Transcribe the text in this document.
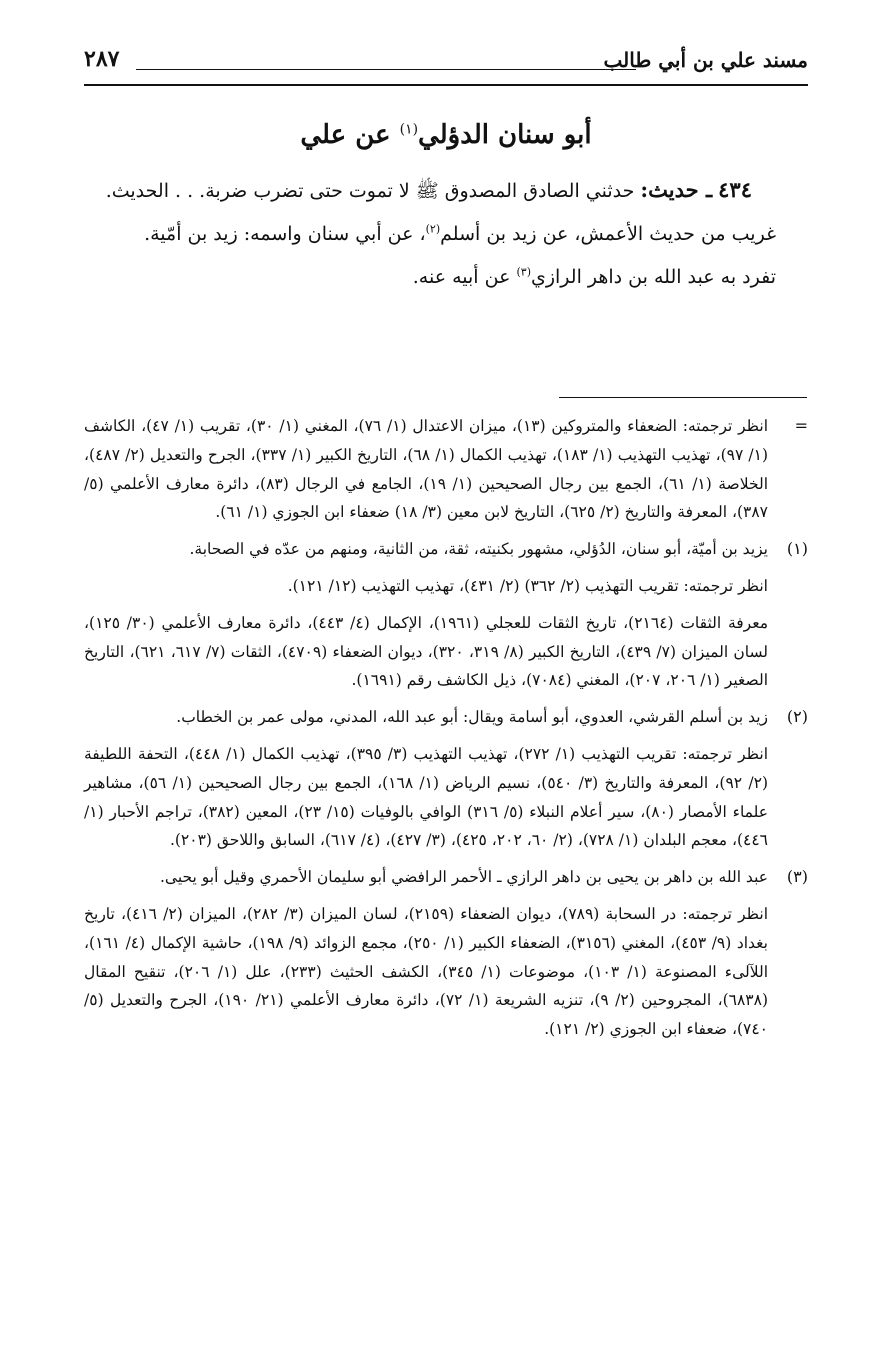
مسند علي بن أبي طالب
٢٨٧
أبو سنان الدؤلي$^{(١)}$ عن علي

٤٣٤ ـ حديث: حدثني الصادق المصدوق ﷺ لا تموت حتى تضرب ضربة. . . الحديث.

غريب من حديث الأعمش، عن زيد بن أسلم$^{(٢)}$، عن أبي سنان واسمه: زيد بن أمّية.

تفرد به عبد الله بن داهر الرازي$^{(٣)}$ عن أبيه عنه.

=

انظر ترجمته: الضعفاء والمتروكين (١٣)، ميزان الاعتدال (١/ ٧٦)، المغني (١/ ٣٠)، تقريب (١/ ٤٧)، الكاشف (١/ ٩٧)، تهذيب التهذيب (١/ ١٨٣)، تهذيب الكمال (١/ ٦٨)، التاريخ الكبير (١/ ٣٣٧)، الجرح والتعديل (٢/ ٤٨٧)، الخلاصة (١/ ٦١)، الجمع بين رجال الصحيحين (١/ ١٩)، الجامع في الرجال (٨٣)، دائرة معارف الأعلمي (٥/ ٣٨٧)، المعرفة والتاريخ (٢/ ٦٢٥)، التاريخ لابن معين (٣/ ١٨) ضعفاء ابن الجوزي (١/ ٦١).

(١)

يزيد بن أميّة، أبو سنان، الدُؤلي، مشهور بكنيته، ثقة، من الثانية، ومنهم من عدّه في الصحابة.

انظر ترجمته: تقريب التهذيب (٢/ ٣٦٢) (٢/ ٤٣١)، تهذيب التهذيب (١٢/ ١٢١).

معرفة الثقات (٢١٦٤)، تاريخ الثقات للعجلي (١٩٦١)، الإكمال (٤/ ٤٤٣)، دائرة معارف الأعلمي (٣٠/ ١٢٥)، لسان الميزان (٧/ ٤٣٩)، التاريخ الكبير (٨/ ٣١٩، ٣٢٠)، ديوان الضعفاء (٤٧٠٩)، الثقات (٧/ ٦١٧، ٦٢١)، التاريخ الصغير (١/ ٢٠٦، ٢٠٧)، المغني (٧٠٨٤)، ذيل الكاشف رقم (١٦٩١).

(٢)

زيد بن أسلم القرشي، العدوي، أبو أسامة ويقال: أبو عبد الله، المدني، مولى عمر بن الخطاب.

انظر ترجمته: تقريب التهذيب (١/ ٢٧٢)، تهذيب التهذيب (٣/ ٣٩٥)، تهذيب الكمال (١/ ٤٤٨)، التحفة اللطيفة (٢/ ٩٢)، المعرفة والتاريخ (٣/ ٥٤٠)، نسيم الرياض (١/ ١٦٨)، الجمع بين رجال الصحيحين (١/ ٥٦)، مشاهير علماء الأمصار (٨٠)، سير أعلام النبلاء (٥/ ٣١٦) الوافي بالوفيات (١٥/ ٢٣)، المعين (٣٨٢)، تراجم الأحبار (١/ ٤٤٦)، معجم البلدان (١/ ٧٢٨)، (٢/ ٦٠، ٢٠٢، ٤٢٥)، (٣/ ٤٢٧)، (٤/ ٦١٧)، السابق واللاحق (٢٠٣).

(٣)

عبد الله بن داهر بن يحيى بن داهر الرازي ـ الأحمر الرافضي أبو سليمان الأحمري وقيل أبو يحيى.

انظر ترجمته: در السحابة (٧٨٩)، ديوان الضعفاء (٢١٥٩)، لسان الميزان (٣/ ٢٨٢)، الميزان (٢/ ٤١٦)، تاريخ بغداد (٩/ ٤٥٣)، المغني (٣١٥٦)، الضعفاء الكبير (١/ ٢٥٠)، مجمع الزوائد (٩/ ١٩٨)، حاشية الإكمال (٤/ ١٦١)، اللآلىء المصنوعة (١/ ١٠٣)، موضوعات (١/ ٣٤٥)، الكشف الحثيث (٢٣٣)، علل (١/ ٢٠٦)، تنقيح المقال (٦٨٣٨)، المجروحين (٢/ ٩)، تنزيه الشريعة (١/ ٧٢)، دائرة معارف الأعلمي (٢١/ ١٩٠)، الجرح والتعديل (٥/ ٧٤٠)، ضعفاء ابن الجوزي (٢/ ١٢١).
